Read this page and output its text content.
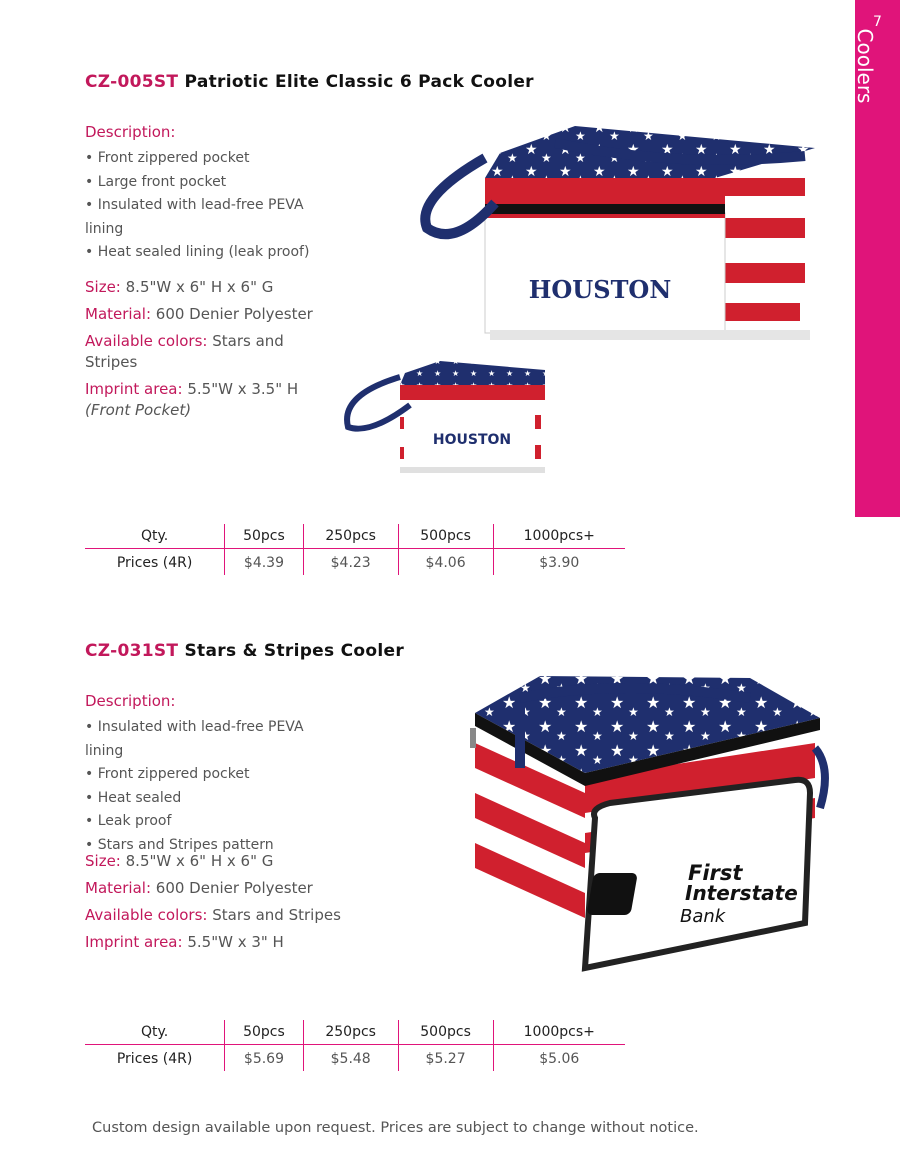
7
Coolers
CZ-005ST Patriotic Elite Classic 6 Pack Cooler
Description:
• Front zippered pocket
• Large front pocket
• Insulated with lead-free PEVA lining
• Heat sealed lining (leak proof)
Size: 8.5"W x 6" H x 6" G
Material: 600 Denier Polyester
Available colors: Stars and Stripes
Imprint area: 5.5"W x 3.5" H
(Front Pocket)
HOUSTON
HOUSTON
Qty.	50pcs	250pcs	500pcs	1000pcs+
Prices (4R)	$4.39	$4.23	$4.06	$3.90
CZ-031ST Stars & Stripes Cooler
Description:
• Insulated with lead-free PEVA lining
• Front zippered pocket
• Heat sealed
• Leak proof
• Stars and Stripes pattern
Size: 8.5"W x 6" H x 6" G
Material: 600 Denier Polyester
Available colors: Stars and Stripes
Imprint area: 5.5"W x 3" H
First
Interstate
Bank
Qty.	50pcs	250pcs	500pcs	1000pcs+
Prices (4R)	$5.69	$5.48	$5.27	$5.06
Custom design available upon request. Prices are subject to change without notice.
